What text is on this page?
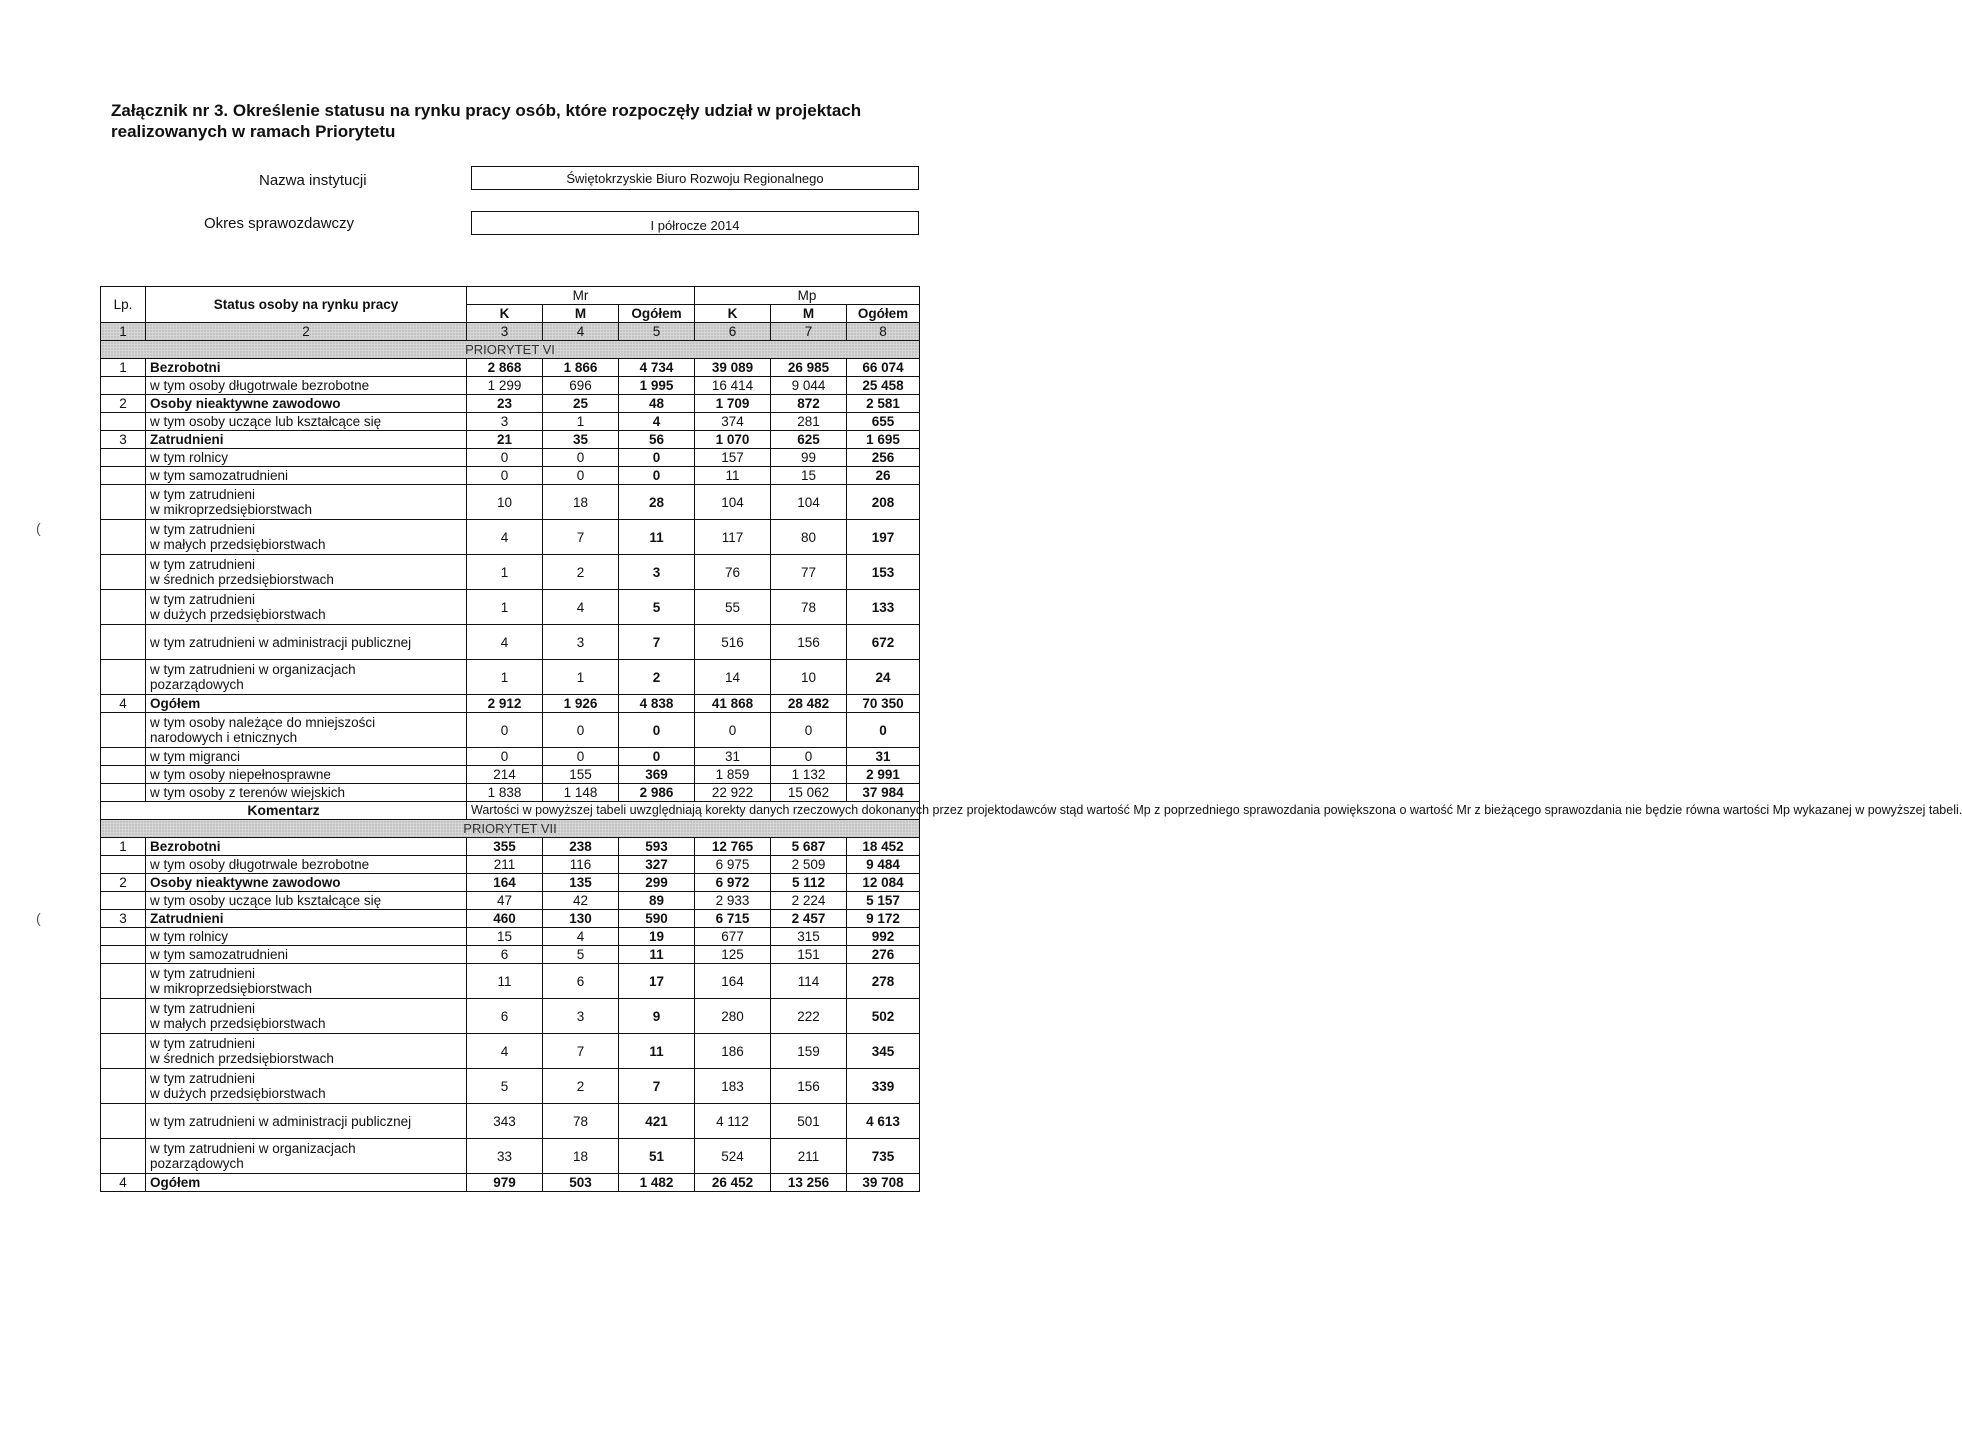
Załącznik nr 3. Określenie statusu na rynku pracy osób, które rozpoczęły udział w projektach realizowanych w ramach Priorytetu
Nazwa instytucji	Świętokrzyskie Biuro Rozwoju Regionalnego
Okres sprawozdawczy	I półrocze 2014
(
(
Lp.	Status osoby na rynku pracy	Mr			Mp		
		K	M	Ogółem	K	M	Ogółem
1	2	3	4	5	6	7	8
PRIORYTET VI							
1	Bezrobotni	2 868	1 866	4 734	39 089	26 985	66 074
	w tym osoby długotrwale bezrobotne	1 299	696	1 995	16 414	9 044	25 458
2	Osoby nieaktywne zawodowo	23	25	48	1 709	872	2 581
	w tym osoby uczące lub kształcące się	3	1	4	374	281	655
3	Zatrudnieni	21	35	56	1 070	625	1 695
	w tym rolnicy	0	0	0	157	99	256
	w tym samozatrudnieni	0	0	0	11	15	26
	w tym zatrudnieni
w mikroprzedsiębiorstwach	10	18	28	104	104	208
	w tym zatrudnieni
w małych przedsiębiorstwach	4	7	11	117	80	197
	w tym zatrudnieni
w średnich przedsiębiorstwach	1	2	3	76	77	153
	w tym zatrudnieni
w dużych przedsiębiorstwach	1	4	5	55	78	133
	w tym zatrudnieni w administracji publicznej	4	3	7	516	156	672
	w tym zatrudnieni w organizacjach
pozarządowych	1	1	2	14	10	24
4	Ogółem	2 912	1 926	4 838	41 868	28 482	70 350
	w tym osoby należące do mniejszości
narodowych i etnicznych	0	0	0	0	0	0
	w tym migranci	0	0	0	31	0	31
	w tym osoby niepełnosprawne	214	155	369	1 859	1 132	2 991
	w tym osoby z terenów wiejskich	1 838	1 148	2 986	22 922	15 062	37 984
Komentarz		Wartości w powyższej tabeli uwzględniają korekty danych rzeczowych dokonanych przez projektodawców stąd wartość Mp z poprzedniego sprawozdania powiększona o wartość Mr z bieżącego sprawozdania nie będzie równa wartości Mp wykazanej w powyższej tabeli.					
PRIORYTET VII							
1	Bezrobotni	355	238	593	12 765	5 687	18 452
	w tym osoby długotrwale bezrobotne	211	116	327	6 975	2 509	9 484
2	Osoby nieaktywne zawodowo	164	135	299	6 972	5 112	12 084
	w tym osoby uczące lub kształcące się	47	42	89	2 933	2 224	5 157
3	Zatrudnieni	460	130	590	6 715	2 457	9 172
	w tym rolnicy	15	4	19	677	315	992
	w tym samozatrudnieni	6	5	11	125	151	276
	w tym zatrudnieni
w mikroprzedsiębiorstwach	11	6	17	164	114	278
	w tym zatrudnieni
w małych przedsiębiorstwach	6	3	9	280	222	502
	w tym zatrudnieni
w średnich przedsiębiorstwach	4	7	11	186	159	345
	w tym zatrudnieni
w dużych przedsiębiorstwach	5	2	7	183	156	339
	w tym zatrudnieni w administracji publicznej	343	78	421	4 112	501	4 613
	w tym zatrudnieni w organizacjach
pozarządowych	33	18	51	524	211	735
4	Ogółem	979	503	1 482	26 452	13 256	39 708
